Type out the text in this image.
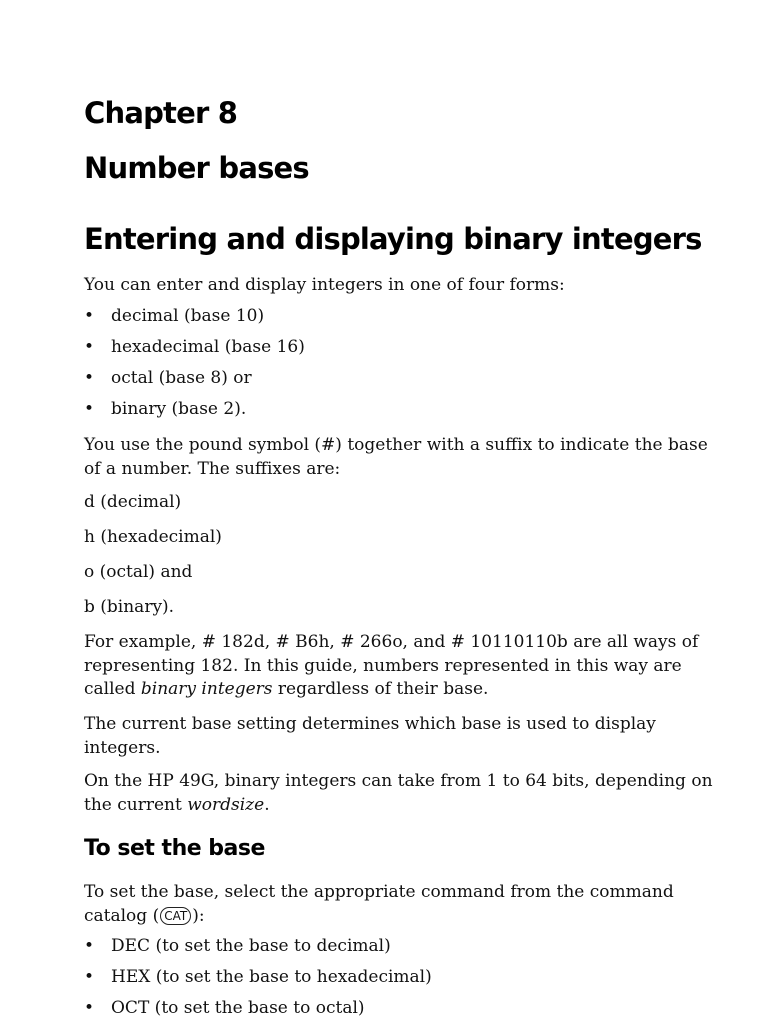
Chapter 8
Number bases
Entering and displaying binary integers

You can enter and display integers in one of four forms:

• decimal (base 10)
• hexadecimal (base 16)
• octal (base 8) or
• binary (base 2).

You use the pound symbol (#) together with a suffix to indicate the base of a number. The suffixes are:

d (decimal)

h (hexadecimal)

o (octal) and

b (binary).

For example, # 182d, # B6h, # 266o, and # 10110110b are all ways of representing 182. In this guide, numbers represented in this way are called binary integers regardless of their base.

The current base setting determines which base is used to display integers.

On the HP 49G, binary integers can take from 1 to 64 bits, depending on the current wordsize.

To set the base

To set the base, select the appropriate command from the command catalog ( CAT ):

• DEC (to set the base to decimal)
• HEX (to set the base to hexadecimal)
• OCT (to set the base to octal)
